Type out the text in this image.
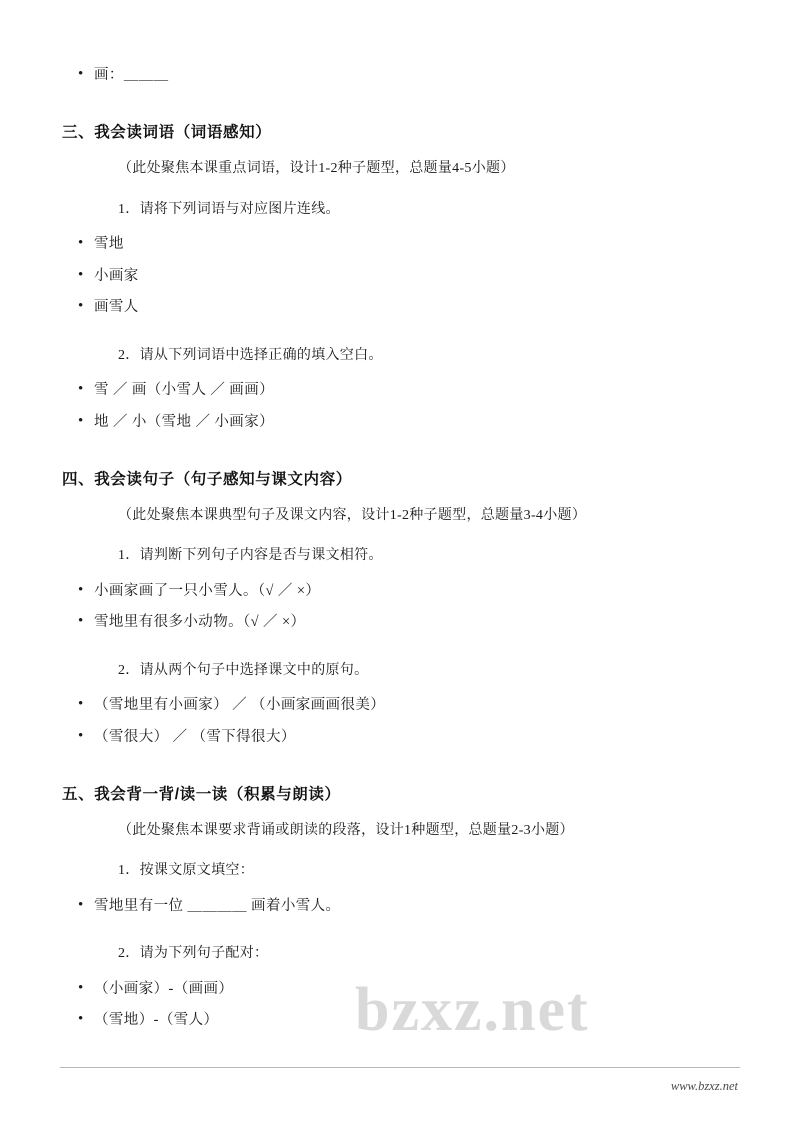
bzxz.net
• 画：＿＿＿
三、我会读词语（词语感知）
（此处聚焦本课重点词语，设计1-2种子题型，总题量4-5小题）
1．请将下列词语与对应图片连线。
• 雪地
• 小画家
• 画雪人
2．请从下列词语中选择正确的填入空白。
• 雪 ／ 画（小雪人 ／ 画画）
• 地 ／ 小（雪地 ／ 小画家）
四、我会读句子（句子感知与课文内容）
（此处聚焦本课典型句子及课文内容，设计1-2种子题型，总题量3-4小题）
1．请判断下列句子内容是否与课文相符。
• 小画家画了一只小雪人。（√ ／ ×）
• 雪地里有很多小动物。（√ ／ ×）
2．请从两个句子中选择课文中的原句。
• （雪地里有小画家） ／ （小画家画画很美）
• （雪很大） ／ （雪下得很大）
五、我会背一背/读一读（积累与朗读）
（此处聚焦本课要求背诵或朗读的段落，设计1种题型，总题量2-3小题）
1．按课文原文填空：
• 雪地里有一位 ＿＿＿＿ 画着小雪人。
2．请为下列句子配对：
• （小画家）-（画画）
• （雪地）-（雪人）
www.bzxz.net
